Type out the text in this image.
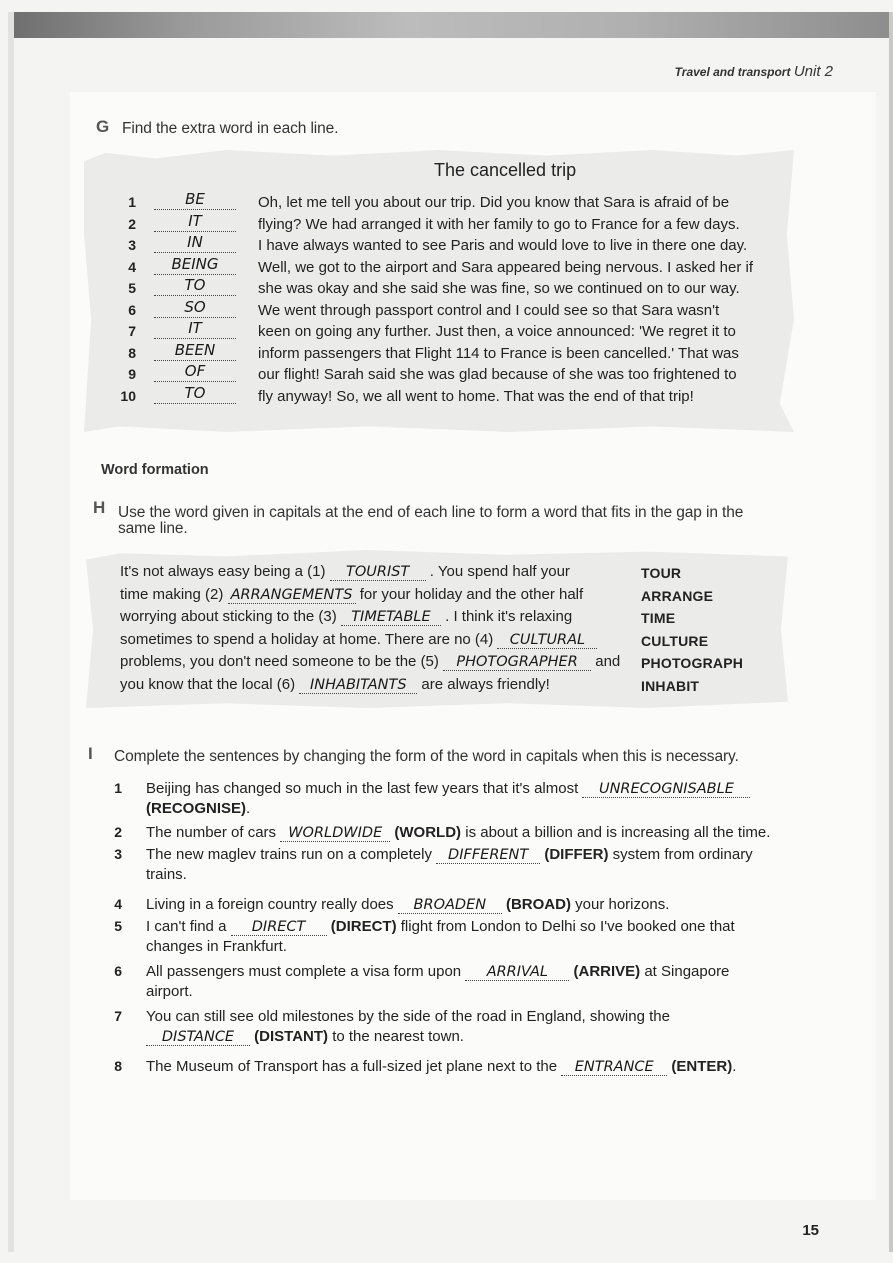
Travel and transport Unit 2
G Find the extra word in each line.
The cancelled trip
1	BE	Oh, let me tell you about our trip. Did you know that Sara is afraid of be
2	IT	flying? We had arranged it with her family to go to France for a few days.
3	IN	I have always wanted to see Paris and would love to live in there one day.
4	BEING	Well, we got to the airport and Sara appeared being nervous. I asked her if
5	TO	she was okay and she said she was fine, so we continued on to our way.
6	SO	We went through passport control and I could see so that Sara wasn't
7	IT	keen on going any further. Just then, a voice announced: 'We regret it to
8	BEEN	inform passengers that Flight 114 to France is been cancelled.' That was
9	OF	our flight! Sarah said she was glad because of she was too frightened to
10	TO	fly anyway! So, we all went to home. That was the end of that trip!
Word formation
H Use the word given in capitals at the end of each line to form a word that fits in the gap in the
same line.
It's not always easy being a (1) TOURIST . You spend half your	TOUR
time making (2) ARRANGEMENTS for your holiday and the other half	ARRANGE
worrying about sticking to the (3) TIMETABLE . I think it's relaxing	TIME
sometimes to spend a holiday at home. There are no (4) CULTURAL	CULTURE
problems, you don't need someone to be the (5) PHOTOGRAPHER and PHOTOGRAPH
you know that the local (6) INHABITANTS are always friendly!	INHABIT
I Complete the sentences by changing the form of the word in capitals when this is necessary.
1 Beijing has changed so much in the last few years that it's almost UNRECOGNISABLE
(RECOGNISE).
2 The number of cars WORLDWIDE (WORLD) is about a billion and is increasing all the time.
3 The new maglev trains run on a completely DIFFERENT (DIFFER) system from ordinary
trains.
4 Living in a foreign country really does BROADEN (BROAD) your horizons.
5 I can't find a DIRECT (DIRECT) flight from London to Delhi so I've booked one that
changes in Frankfurt.
6 All passengers must complete a visa form upon ARRIVAL (ARRIVE) at Singapore
airport.
7 You can still see old milestones by the side of the road in England, showing the
DISTANCE (DISTANT) to the nearest town.
8 The Museum of Transport has a full-sized jet plane next to the ENTRANCE (ENTER).
15
